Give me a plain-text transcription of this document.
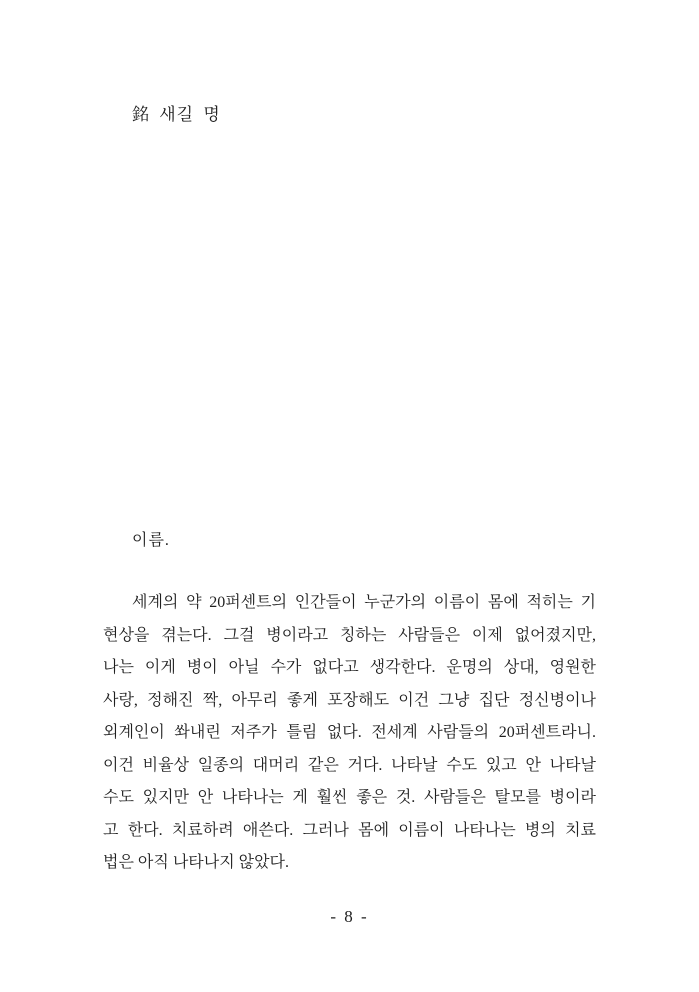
銘 새길 명
이름.
세계의 약 20퍼센트의 인간들이 누군가의 이름이 몸에 적히는 기
현상을 겪는다. 그걸 병이라고 칭하는 사람들은 이제 없어졌지만,
나는 이게 병이 아닐 수가 없다고 생각한다. 운명의 상대, 영원한
사랑, 정해진 짝, 아무리 좋게 포장해도 이건 그냥 집단 정신병이나
외계인이 쏴내린 저주가 틀림 없다. 전세계 사람들의 20퍼센트라니.
이건 비율상 일종의 대머리 같은 거다. 나타날 수도 있고 안 나타날
수도 있지만 안 나타나는 게 훨씬 좋은 것. 사람들은 탈모를 병이라
고 한다. 치료하려 애쓴다. 그러나 몸에 이름이 나타나는 병의 치료
법은 아직 나타나지 않았다.
- 8 -
